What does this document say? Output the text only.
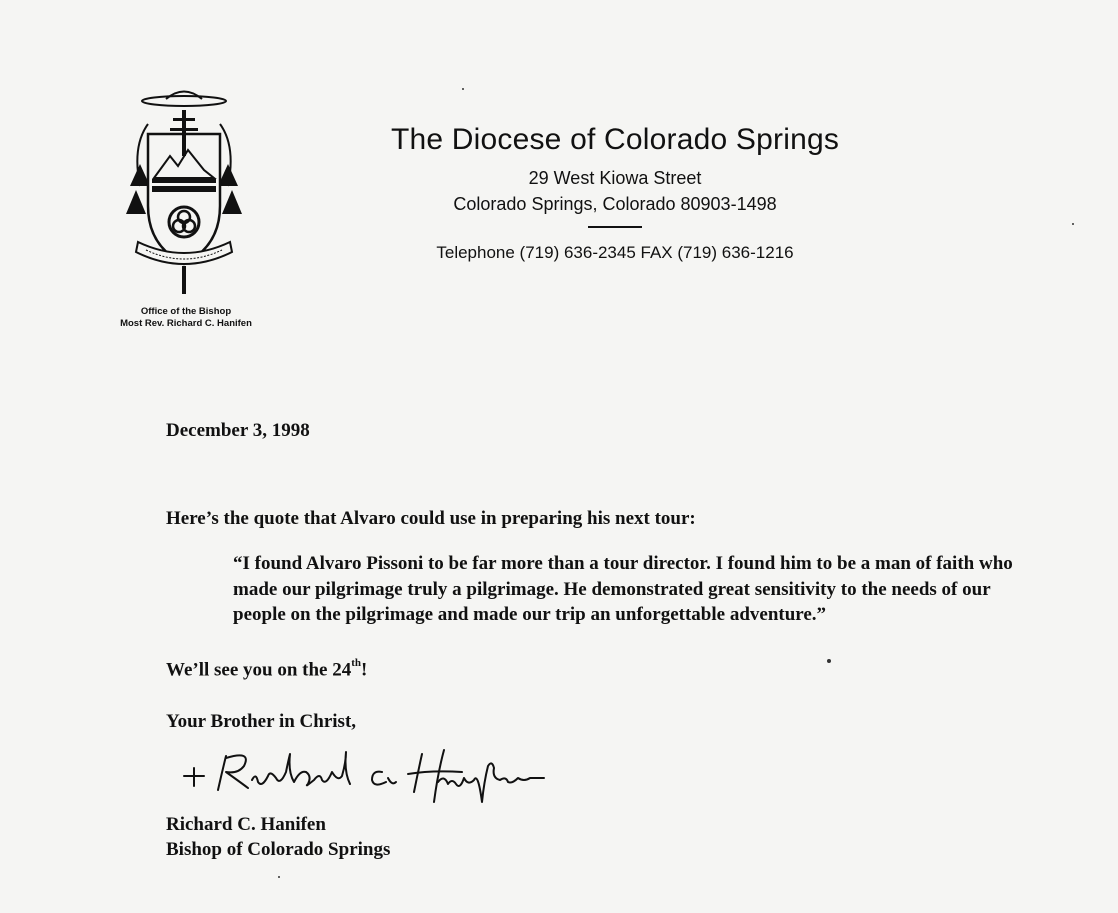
Office of the Bishop
Most Rev. Richard C. Hanifen
The Diocese of Colorado Springs
29 West Kiowa Street
Colorado Springs, Colorado 80903-1498
Telephone (719) 636-2345 FAX (719) 636-1216
December 3, 1998
Here’s the quote that Alvaro could use in preparing his next tour:
“I found Alvaro Pissoni to be far more than a tour director. I found him to be a man of faith who made our pilgrimage truly a pilgrimage. He demonstrated great sensitivity to the needs of our people on the pilgrimage and made our trip an unforgettable adventure.”
We’ll see you on the 24th!
Your Brother in Christ,
Richard C. Hanifen
Bishop of Colorado Springs
